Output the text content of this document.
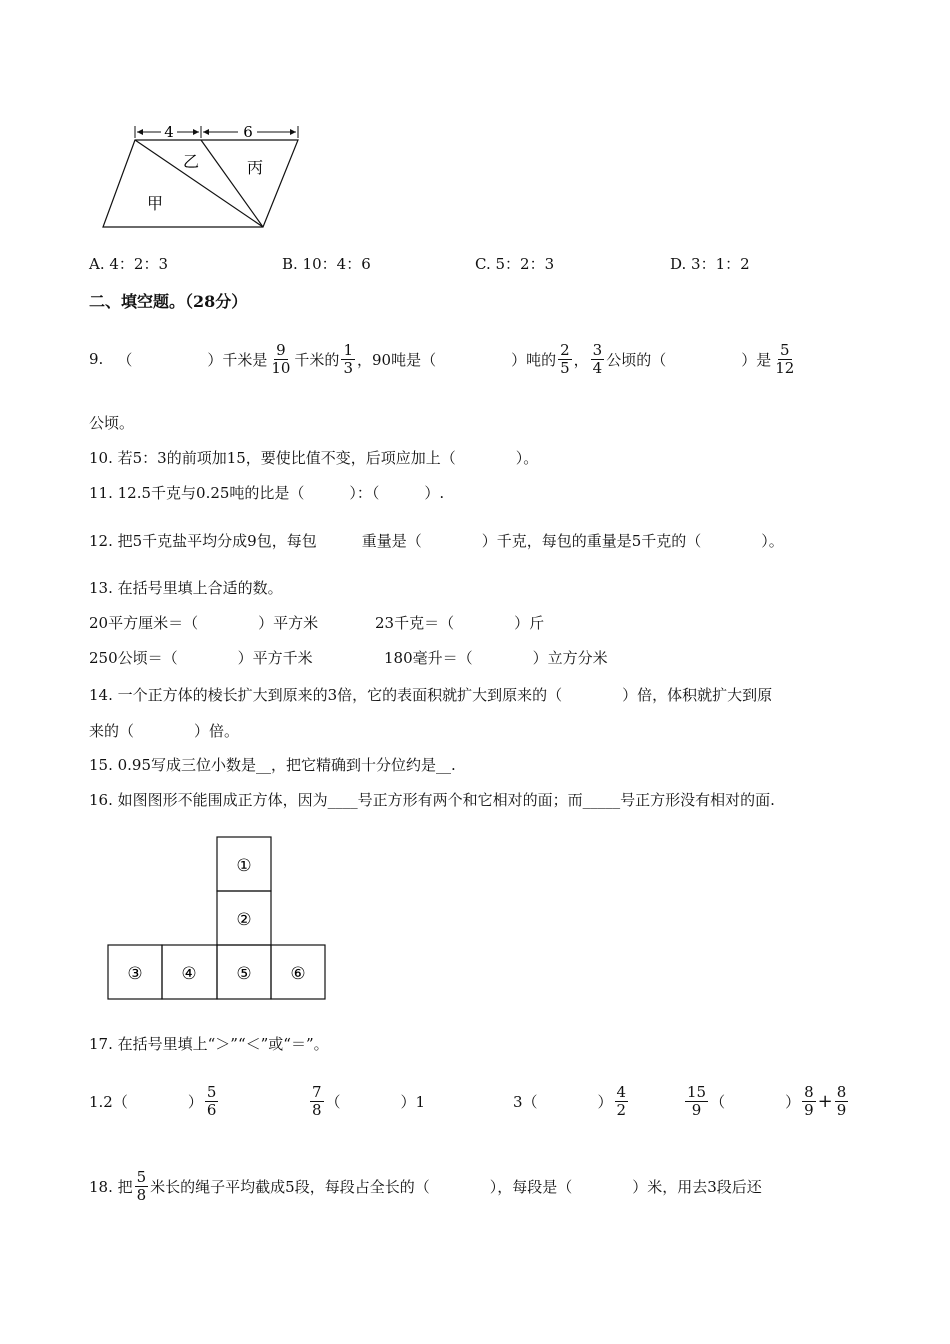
4	6
甲
乙	丙
A. 4：2：3	B. 10：4：6	C. 5：2：3	D. 3：1：2
二、填空题。（28分）
9. （　　　　　）千米是 $\frac{9}{10}$ 千米的 $\frac{1}{3}$ ，90吨是（　　　　　）吨的 $\frac{2}{5}$ ， $\frac{3}{4}$ 公顷的（　　　　　）是 $\frac{5}{12}$
公顷。
10. 若5：3的前项加15，要使比值不变，后项应加上（　　　　）。
11. 12.5千克与0.25吨的比是（　　　）：（　　　）.
12. 把5千克盐平均分成9包，每包　　　重量是（　　　　）千克，每包的重量是5千克的（　　　　）。
13. 在括号里填上合适的数。
20平方厘米＝（　　　　）平方米	23千克＝（　　　　）斤
250公顷＝（　　　　）平方千米	180毫升＝（　　　　）立方分米
14. 一个正方体的棱长扩大到原来的3倍，它的表面积就扩大到原来的（　　　　）倍，体积就扩大到原
来的（　　　　）倍。
15. 0.95写成三位小数是__，把它精确到十分位约是__.
16. 如图图形不能围成正方体，因为____号正方形有两个和它相对的面；而_____号正方形没有相对的面.
①
②
③ ④ ⑤ ⑥
17. 在括号里填上“＞”“＜”或“＝”。
1.2（　　　　） $\frac{5}{6}$	$\frac{7}{8}$ （　　　　）1	3（　　　　） $\frac{4}{2}$	$\frac{15}{9}$ （　　　　） $\frac{8}{9} + \frac{8}{9}$
18. 把 $\frac{5}{8}$ 米长的绳子平均截成5段，每段占全长的（　　　　），每段是（　　　　）米，用去3段后还
